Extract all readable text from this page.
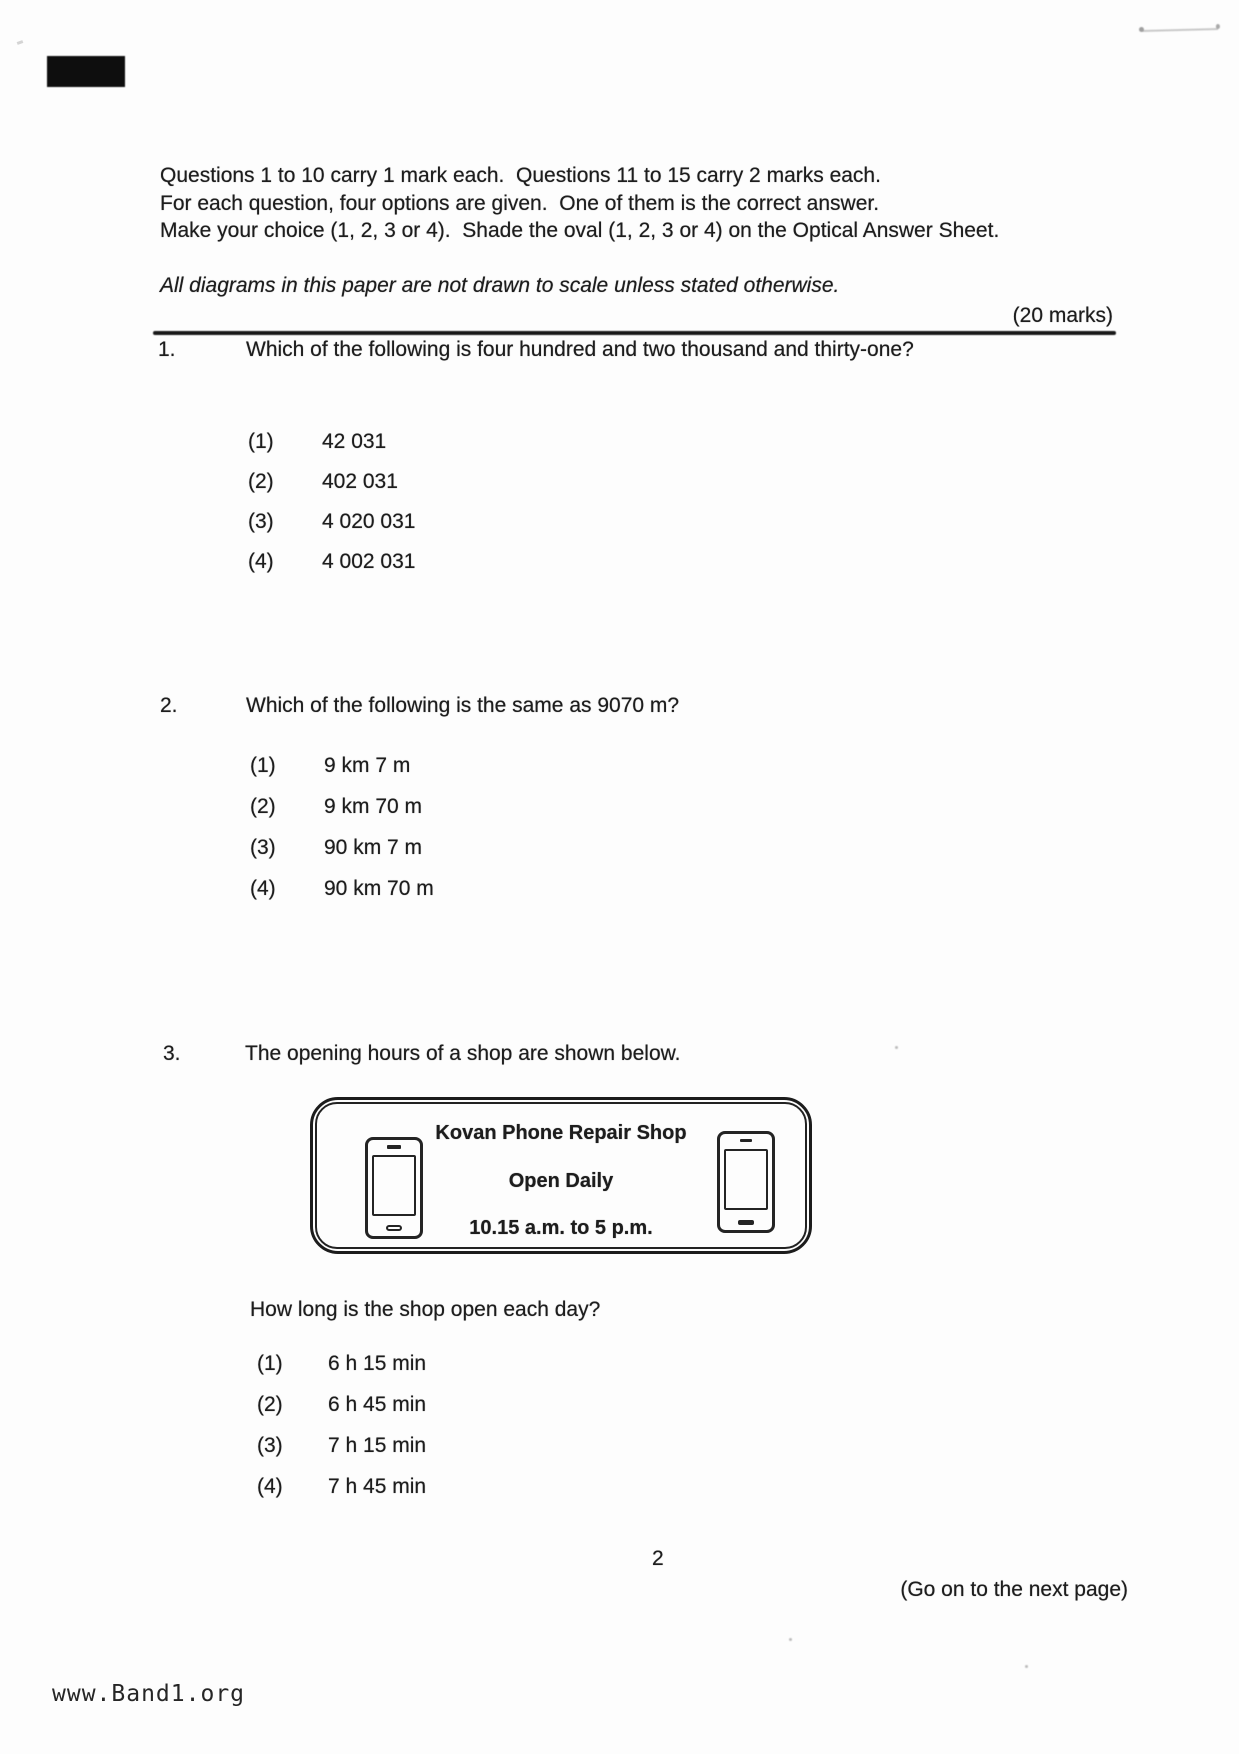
Questions 1 to 10 carry 1 mark each.  Questions 11 to 15 carry 2 marks each.
For each question, four options are given.  One of them is the correct answer.
Make your choice (1, 2, 3 or 4).  Shade the oval (1, 2, 3 or 4) on the Optical Answer Sheet.
All diagrams in this paper are not drawn to scale unless stated otherwise.
(20 marks)
1.	Which of the following is four hundred and two thousand and thirty-one?
(1) 42 031
(2) 402 031
(3) 4 020 031
(4) 4 002 031
2.	Which of the following is the same as 9070 m?
(1) 9 km 7 m
(2) 9 km 70 m
(3) 90 km 7 m
(4) 90 km 70 m
3.	The opening hours of a shop are shown below.
Kovan Phone Repair Shop
Open Daily
10.15 a.m. to 5 p.m.
How long is the shop open each day?
(1) 6 h 15 min
(2) 6 h 45 min
(3) 7 h 15 min
(4) 7 h 45 min
2
(Go on to the next page)
www.Band1.org
